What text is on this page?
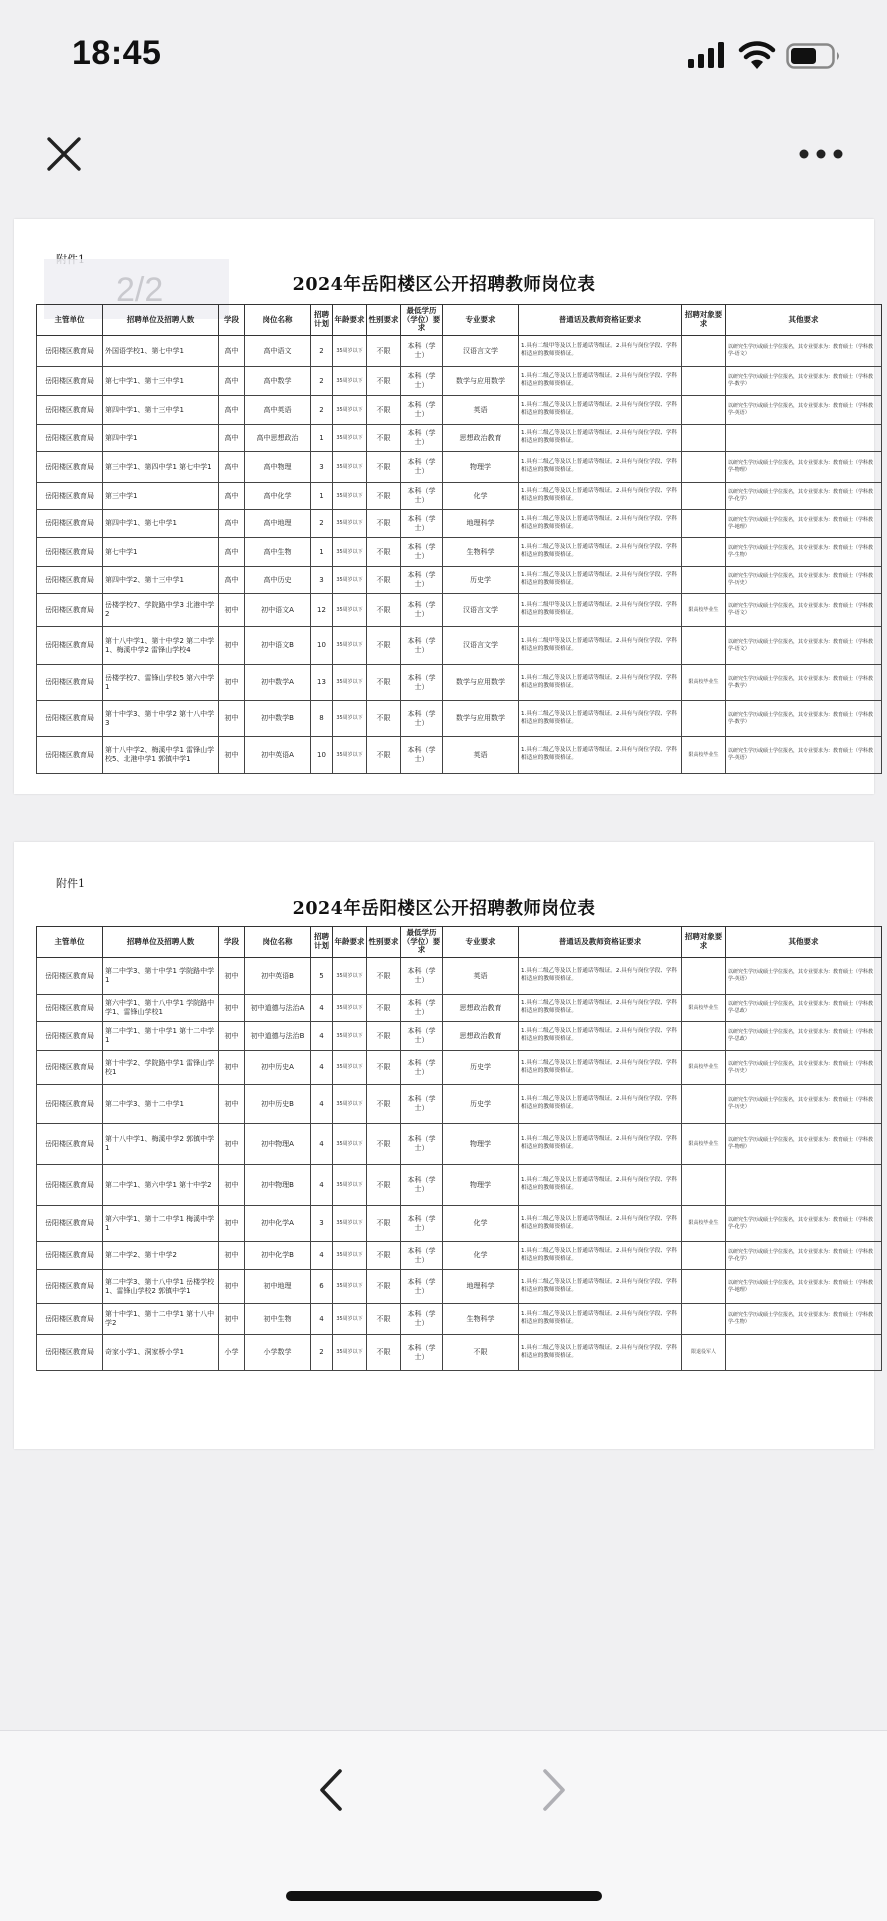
18:45
2/2	2024年岳阳楼区公开招聘教师岗位表
主管单位	招聘单位及招聘人数	学段	岗位名称	招聘计划	年龄要求	性别要求	最低学历（学位）要求	专业要求	普通话及教师资格证要求	招聘对象要求	其他要求
岳阳楼区教育局	外国语学校1、第七中学1	高中	高中语文	2	35周岁以下	不限	本科（学士）	汉语言文学	1.具有二级甲等及以上普通话等级证。2.具有与岗位学段、学科相适应的教师资格证。		以研究生学历或硕士学位报名，其专业要求为：教育硕士（学科教学-语文）
岳阳楼区教育局	第七中学1、第十三中学1	高中	高中数学	2	35周岁以下	不限	本科（学士）	数学与应用数学	1.具有二级乙等及以上普通话等级证。2.具有与岗位学段、学科相适应的教师资格证。		以研究生学历或硕士学位报名，其专业要求为：教育硕士（学科教学-数学）
岳阳楼区教育局	第四中学1、第十三中学1	高中	高中英语	2	35周岁以下	不限	本科（学士）	英语	1.具有二级乙等及以上普通话等级证。2.具有与岗位学段、学科相适应的教师资格证。		以研究生学历或硕士学位报名，其专业要求为：教育硕士（学科教学-英语）
岳阳楼区教育局	第四中学1	高中	高中思想政治	1	35周岁以下	不限	本科（学士）	思想政治教育	1.具有二级乙等及以上普通话等级证。2.具有与岗位学段、学科相适应的教师资格证。		
岳阳楼区教育局	第三中学1、第四中学1 第七中学1	高中	高中物理	3	35周岁以下	不限	本科（学士）	物理学	1.具有二级乙等及以上普通话等级证。2.具有与岗位学段、学科相适应的教师资格证。		以研究生学历或硕士学位报名，其专业要求为：教育硕士（学科教学-物理）
岳阳楼区教育局	第三中学1	高中	高中化学	1	35周岁以下	不限	本科（学士）	化学	1.具有二级乙等及以上普通话等级证。2.具有与岗位学段、学科相适应的教师资格证。		以研究生学历或硕士学位报名，其专业要求为：教育硕士（学科教学-化学）
岳阳楼区教育局	第四中学1、第七中学1	高中	高中地理	2	35周岁以下	不限	本科（学士）	地理科学	1.具有二级乙等及以上普通话等级证。2.具有与岗位学段、学科相适应的教师资格证。		以研究生学历或硕士学位报名，其专业要求为：教育硕士（学科教学-地理）
岳阳楼区教育局	第七中学1	高中	高中生物	1	35周岁以下	不限	本科（学士）	生物科学	1.具有二级乙等及以上普通话等级证。2.具有与岗位学段、学科相适应的教师资格证。		以研究生学历或硕士学位报名，其专业要求为：教育硕士（学科教学-生物）
岳阳楼区教育局	第四中学2、第十三中学1	高中	高中历史	3	35周岁以下	不限	本科（学士）	历史学	1.具有二级乙等及以上普通话等级证。2.具有与岗位学段、学科相适应的教师资格证。		以研究生学历或硕士学位报名，其专业要求为：教育硕士（学科教学-历史）
岳阳楼区教育局	岳楼学校7、学院路中学3 北港中学2	初中	初中语文A	12	35周岁以下	不限	本科（学士）	汉语言文学	1.具有二级甲等及以上普通话等级证。2.具有与岗位学段、学科相适应的教师资格证。	限高校毕业生	以研究生学历或硕士学位报名，其专业要求为：教育硕士（学科教学-语文）
岳阳楼区教育局	第十八中学1、第十中学2 第二中学1、梅溪中学2 雷锋山学校4	初中	初中语文B	10	35周岁以下	不限	本科（学士）	汉语言文学	1.具有二级甲等及以上普通话等级证。2.具有与岗位学段、学科相适应的教师资格证。		以研究生学历或硕士学位报名，其专业要求为：教育硕士（学科教学-语文）
岳阳楼区教育局	岳楼学校7、雷锋山学校5 第六中学1	初中	初中数学A	13	35周岁以下	不限	本科（学士）	数学与应用数学	1.具有二级乙等及以上普通话等级证。2.具有与岗位学段、学科相适应的教师资格证。	限高校毕业生	以研究生学历或硕士学位报名，其专业要求为：教育硕士（学科教学-数学）
岳阳楼区教育局	第十中学3、第十中学2 第十八中学3	初中	初中数学B	8	35周岁以下	不限	本科（学士）	数学与应用数学	1.具有二级乙等及以上普通话等级证。2.具有与岗位学段、学科相适应的教师资格证。		以研究生学历或硕士学位报名，其专业要求为：教育硕士（学科教学-数学）
岳阳楼区教育局	第十八中学2、梅溪中学1 雷锋山学校5、北港中学1 郭镇中学1	初中	初中英语A	10	35周岁以下	不限	本科（学士）	英语	1.具有二级乙等及以上普通话等级证。2.具有与岗位学段、学科相适应的教师资格证。	限高校毕业生	以研究生学历或硕士学位报名，其专业要求为：教育硕士（学科教学-英语）
附件1
2024年岳阳楼区公开招聘教师岗位表
主管单位	招聘单位及招聘人数	学段	岗位名称	招聘计划	年龄要求	性别要求	最低学历（学位）要求	专业要求	普通话及教师资格证要求	招聘对象要求	其他要求
岳阳楼区教育局	第二中学3、第十中学1 学院路中学1	初中	初中英语B	5	35周岁以下	不限	本科（学士）	英语	1.具有二级乙等及以上普通话等级证。2.具有与岗位学段、学科相适应的教师资格证。		以研究生学历或硕士学位报名，其专业要求为：教育硕士（学科教学-英语）
岳阳楼区教育局	第六中学1、第十八中学1 学院路中学1、雷锋山学校1	初中	初中道德与法治A	4	35周岁以下	不限	本科（学士）	思想政治教育	1.具有二级乙等及以上普通话等级证。2.具有与岗位学段、学科相适应的教师资格证。	限高校毕业生	以研究生学历或硕士学位报名，其专业要求为：教育硕士（学科教学-思政）
岳阳楼区教育局	第二中学1、第十中学1 第十二中学1	初中	初中道德与法治B	4	35周岁以下	不限	本科（学士）	思想政治教育	1.具有二级乙等及以上普通话等级证。2.具有与岗位学段、学科相适应的教师资格证。		以研究生学历或硕士学位报名，其专业要求为：教育硕士（学科教学-思政）
岳阳楼区教育局	第十中学2、学院路中学1 雷锋山学校1	初中	初中历史A	4	35周岁以下	不限	本科（学士）	历史学	1.具有二级乙等及以上普通话等级证。2.具有与岗位学段、学科相适应的教师资格证。	限高校毕业生	以研究生学历或硕士学位报名，其专业要求为：教育硕士（学科教学-历史）
岳阳楼区教育局	第二中学3、第十二中学1	初中	初中历史B	4	35周岁以下	不限	本科（学士）	历史学	1.具有二级乙等及以上普通话等级证。2.具有与岗位学段、学科相适应的教师资格证。		以研究生学历或硕士学位报名，其专业要求为：教育硕士（学科教学-历史）
岳阳楼区教育局	第十八中学1、梅溪中学2 郭镇中学1	初中	初中物理A	4	35周岁以下	不限	本科（学士）	物理学	1.具有二级乙等及以上普通话等级证。2.具有与岗位学段、学科相适应的教师资格证。	限高校毕业生	以研究生学历或硕士学位报名，其专业要求为：教育硕士（学科教学-物理）
岳阳楼区教育局	第二中学1、第六中学1 第十中学2	初中	初中物理B	4	35周岁以下	不限	本科（学士）	物理学	1.具有二级乙等及以上普通话等级证。2.具有与岗位学段、学科相适应的教师资格证。		
岳阳楼区教育局	第六中学1、第十二中学1 梅溪中学1	初中	初中化学A	3	35周岁以下	不限	本科（学士）	化学	1.具有二级乙等及以上普通话等级证。2.具有与岗位学段、学科相适应的教师资格证。	限高校毕业生	以研究生学历或硕士学位报名，其专业要求为：教育硕士（学科教学-化学）
岳阳楼区教育局	第二中学2、第十中学2	初中	初中化学B	4	35周岁以下	不限	本科（学士）	化学	1.具有二级乙等及以上普通话等级证。2.具有与岗位学段、学科相适应的教师资格证。		以研究生学历或硕士学位报名，其专业要求为：教育硕士（学科教学-化学）
岳阳楼区教育局	第二中学3、第十八中学1 岳楼学校1、雷锋山学校2 郭镇中学1	初中	初中地理	6	35周岁以下	不限	本科（学士）	地理科学	1.具有二级乙等及以上普通话等级证。2.具有与岗位学段、学科相适应的教师资格证。		以研究生学历或硕士学位报名，其专业要求为：教育硕士（学科教学-地理）
岳阳楼区教育局	第十中学1、第十二中学1 第十八中学2	初中	初中生物	4	35周岁以下	不限	本科（学士）	生物科学	1.具有二级乙等及以上普通话等级证。2.具有与岗位学段、学科相适应的教师资格证。		以研究生学历或硕士学位报名，其专业要求为：教育硕士（学科教学-生物）
岳阳楼区教育局	奇家小学1、洞家桥小学1	小学	小学数学	2	35周岁以下	不限	本科（学士）	不限	1.具有二级乙等及以上普通话等级证。2.具有与岗位学段、学科相适应的教师资格证。	限退役军人	
